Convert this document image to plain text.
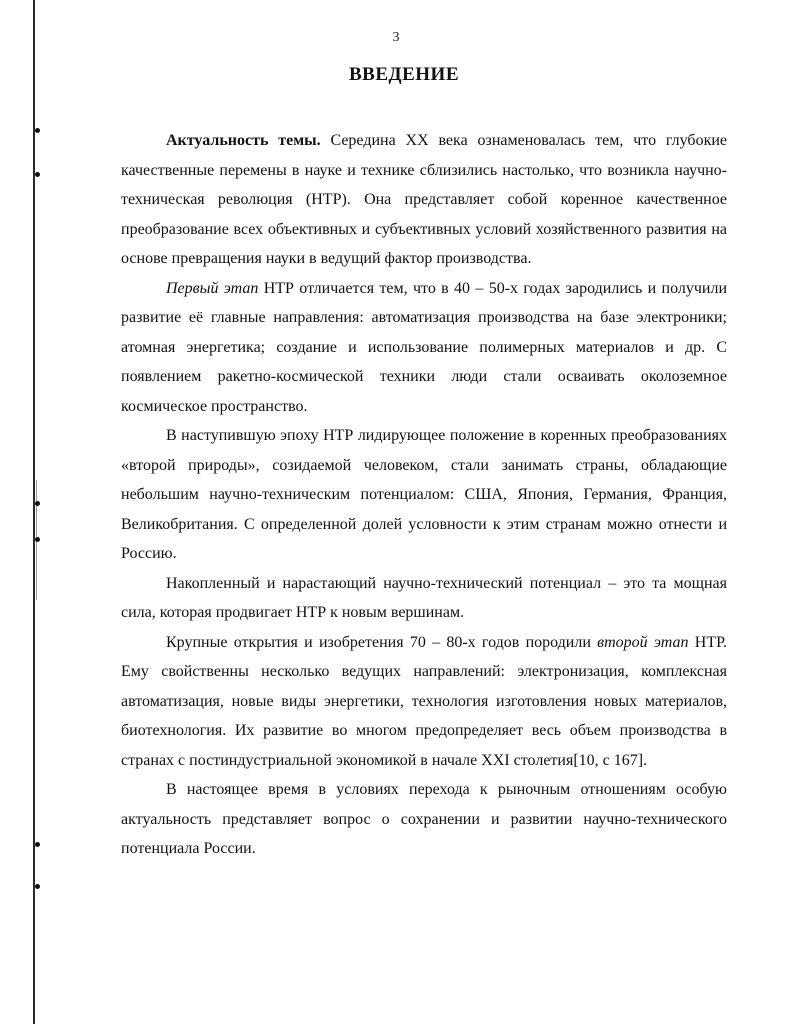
3
ВВЕДЕНИЕ

Актуальность темы. Середина XX века ознаменовалась тем, что глубокие качественные перемены в науке и технике сблизились настолько, что возникла научно-техническая революция (НТР). Она представляет собой коренное качественное преобразование всех объективных и субъективных условий хозяйственного развития на основе превращения науки в ведущий фактор производства.

Первый этап НТР отличается тем, что в 40 – 50-х годах зародились и получили развитие её главные направления: автоматизация производства на базе электроники; атомная энергетика; создание и использование полимерных материалов и др. С появлением ракетно-космической техники люди стали осваивать околоземное космическое пространство.

В наступившую эпоху НТР лидирующее положение в коренных преобразованиях «второй природы», созидаемой человеком, стали занимать страны, обладающие небольшим научно-техническим потенциалом: США, Япония, Германия, Франция, Великобритания. С определенной долей условности к этим странам можно отнести и Россию.

Накопленный и нарастающий научно-технический потенциал – это та мощная сила, которая продвигает НТР к новым вершинам.

Крупные открытия и изобретения 70 – 80-х годов породили второй этап НТР. Ему свойственны несколько ведущих направлений: электронизация, комплексная автоматизация, новые виды энергетики, технология изготовления новых материалов, биотехнология. Их развитие во многом предопределяет весь объем производства в странах с постиндустриальной экономикой в начале XXI столетия[10, с 167].

В настоящее время в условиях перехода к рыночным отношениям особую актуальность представляет вопрос о сохранении и развитии научно-технического потенциала России.
